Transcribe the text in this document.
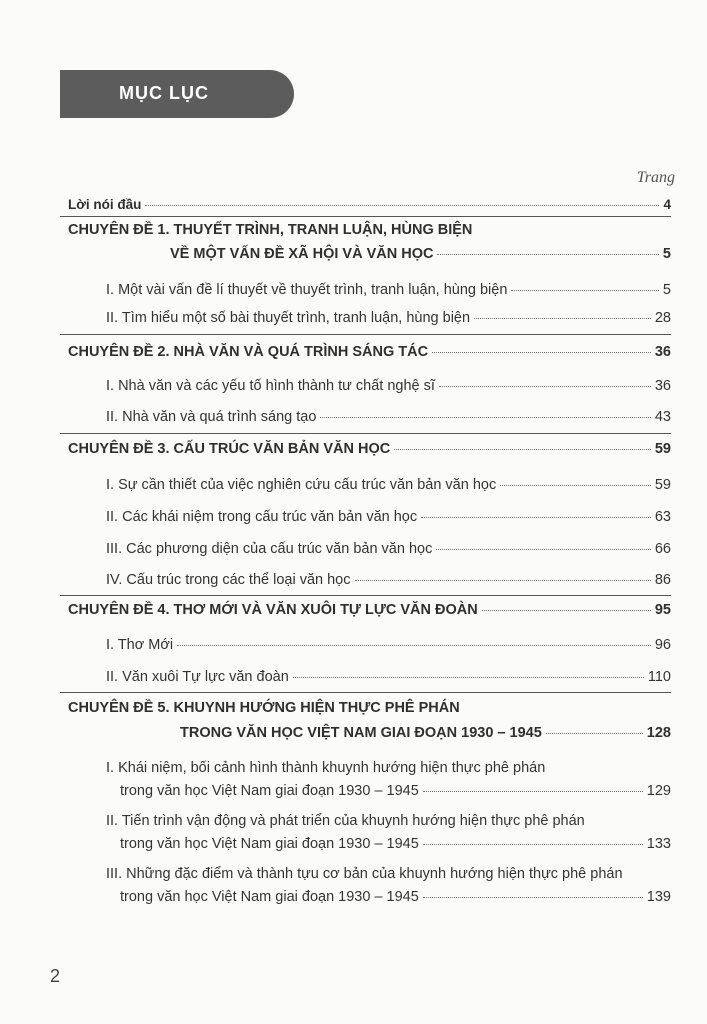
MỤC LỤC
Trang
Lời nói đầu	4
CHUYÊN ĐỀ 1. THUYẾT TRÌNH, TRANH LUẬN, HÙNG BIỆN
VỀ MỘT VẤN ĐỀ XÃ HỘI VÀ VĂN HỌC	5
I. Một vài vấn đề lí thuyết về thuyết trình, tranh luận, hùng biện	5
II. Tìm hiểu một số bài thuyết trình, tranh luận, hùng biện	28
CHUYÊN ĐỀ 2. NHÀ VĂN VÀ QUÁ TRÌNH SÁNG TÁC	36
I. Nhà văn và các yếu tố hình thành tư chất nghệ sĩ	36
II. Nhà văn và quá trình sáng tạo	43
CHUYÊN ĐỀ 3. CẤU TRÚC VĂN BẢN VĂN HỌC	59
I. Sự cần thiết của việc nghiên cứu cấu trúc văn bản văn học	59
II. Các khái niệm trong cấu trúc văn bản văn học	63
III. Các phương diện của cấu trúc văn bản văn học	66
IV. Cấu trúc trong các thể loại văn học	86
CHUYÊN ĐỀ 4. THƠ MỚI VÀ VĂN XUÔI TỰ LỰC VĂN ĐOÀN	95
I. Thơ Mới	96
II. Văn xuôi Tự lực văn đoàn	110
CHUYÊN ĐỀ 5. KHUYNH HƯỚNG HIỆN THỰC PHÊ PHÁN
TRONG VĂN HỌC VIỆT NAM GIAI ĐOẠN 1930 – 1945	128
I. Khái niệm, bối cảnh hình thành khuynh hướng hiện thực phê phán
trong văn học Việt Nam giai đoạn 1930 – 1945	129
II. Tiến trình vận động và phát triển của khuynh hướng hiện thực phê phán
trong văn học Việt Nam giai đoạn 1930 – 1945	133
III. Những đặc điểm và thành tựu cơ bản của khuynh hướng hiện thực phê phán
trong văn học Việt Nam giai đoạn 1930 – 1945	139
2
